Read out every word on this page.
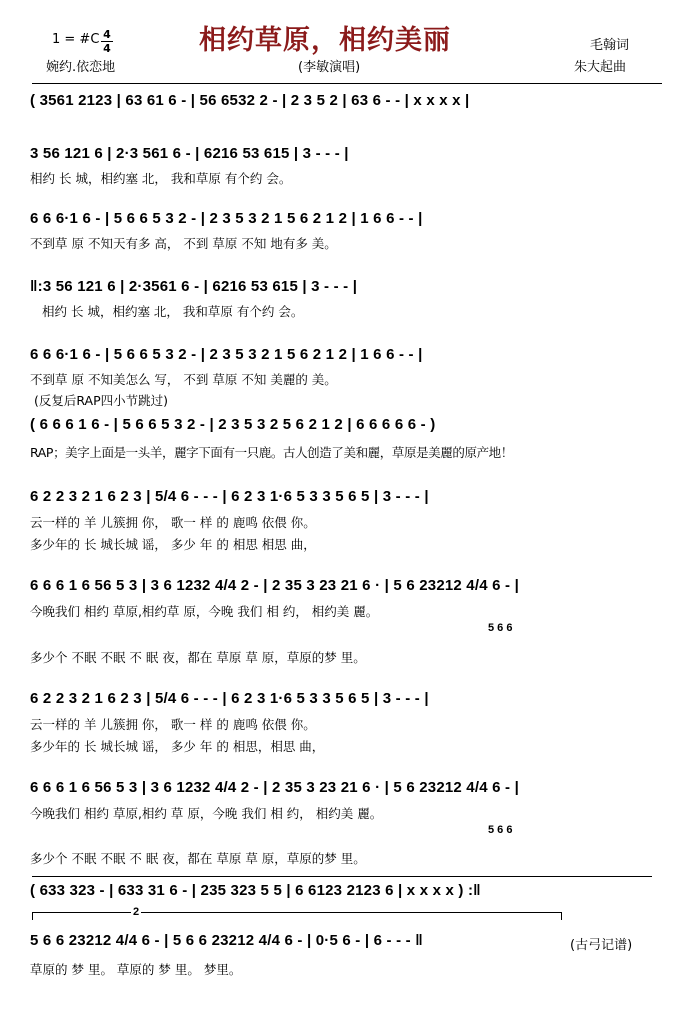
1 = #C 4
4	相约草原，相约美丽	毛翰词
婉约.依恋地	(李敏演唱)	朱大起曲
( 3561 2123 | 63 61 6 - | 56 6532 2 - | 2 3 5 2 | 63 6 - - | x x x x |
3 56 121 6 | 2·3 561 6 - | 6216 53 615 | 3 - - - |
相约 长 城，相约塞 北， 我和草原 有个约 会。
6 6 6·1 6 - | 5 6 6 5 3 2 - | 2 3 5 3 2 1 5 6 2 1 2 | 1 6 6 - - |
不到草 原 不知天有多 高， 不到 草原 不知 地有多 美。
‖:3 56 121 6 | 2·3561 6 - | 6216 53 615 | 3 - - - |
相约 长 城，相约塞 北， 我和草原 有个约 会。
6 6 6·1 6 - | 5 6 6 5 3 2 - | 2 3 5 3 2 1 5 6 2 1 2 | 1 6 6 - - |
不到草 原 不知美怎么 写， 不到 草原 不知 美麗的 美。
(反复后RAP四小节跳过)
( 6 6 6 1 6 - | 5 6 6 5 3 2 - | 2 3 5 3 2 5 6 2 1 2 | 6 6 6 6 6 - )
RAP；美字上面是一头羊，麗字下面有一只鹿。古人创造了美和麗，草原是美麗的原产地！
6 2 2 3 2 1 6 2 3 | 5/4 6 - - - | 6 2 3 1·6 5 3 3 5 6 5 | 3 - - - |
云一样的 羊 儿簇拥 你， 歌一 样 的 鹿鸣 依偎 你。
多少年的 长 城长城 谣， 多少 年 的 相思 相思 曲，
6 6 6 1 6 56 5 3 | 3 6 1232 4/4 2 - | 2 35 3 23 21 6 · | 5 6 23212 4/4 6 - |
今晚我们 相约 草原,相约草 原，今晚 我们 相 约， 相约美 麗。
5 6 6
多少个 不眠 不眠 不 眠 夜，都在 草原 草 原，草原的梦 里。
6 2 2 3 2 1 6 2 3 | 5/4 6 - - - | 6 2 3 1·6 5 3 3 5 6 5 | 3 - - - |
云一样的 羊 儿簇拥 你， 歌一 样 的 鹿鸣 依偎 你。
多少年的 长 城长城 谣， 多少 年 的 相思，相思 曲，
6 6 6 1 6 56 5 3 | 3 6 1232 4/4 2 - | 2 35 3 23 21 6 · | 5 6 23212 4/4 6 - |
今晚我们 相约 草原,相约 草 原，今晚 我们 相 约， 相约美 麗。
5 6 6
多少个 不眠 不眠 不 眠 夜，都在 草原 草 原，草原的梦 里。
( 633 323 - | 633 31 6 - | 235 323 5 5 | 6 6123 2123 6 | x x x x ) :‖
2
5 6 6 23212 4/4 6 - | 5 6 6 23212 4/4 6 - | 0·5 6 - | 6 - - - ‖
草原的 梦 里。 草原的 梦 里。 梦里。
(古弓记谱)
